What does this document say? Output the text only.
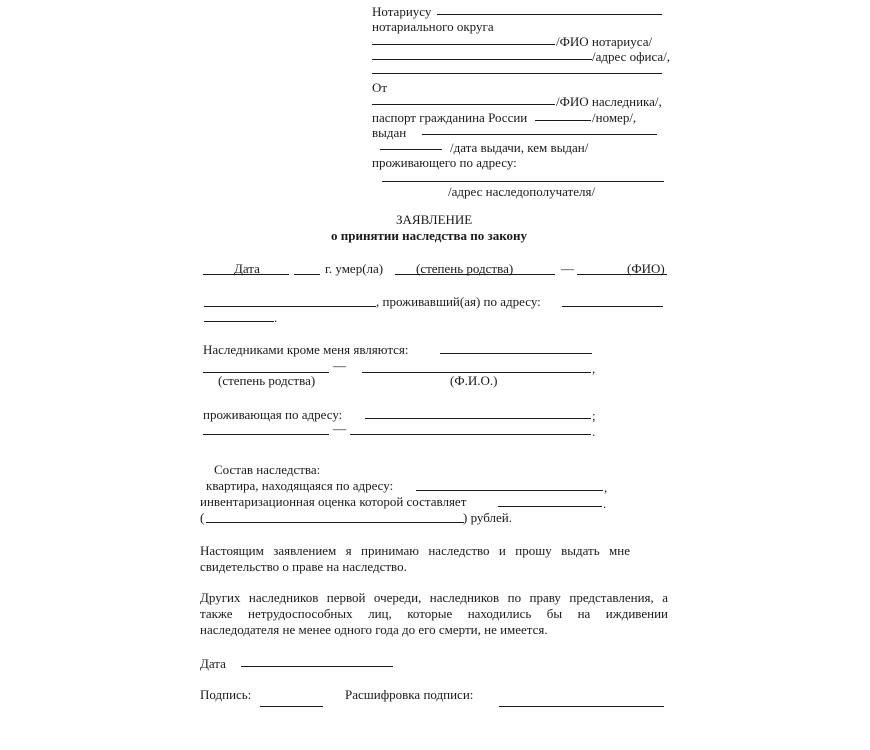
Нотариусу
нотариального округа
/ФИО нотариуса/
/адрес офиса/,
От
/ФИО наследника/,
паспорт гражданина России	/номер/,
выдан
/дата выдачи, кем выдан/
проживающего по адресу:
/адрес наследополучателя/
ЗАЯВЛЕНИЕ
о принятии наследства по закону
Дата	г. умер(ла)	(степень родства)	—	(ФИО)
, проживавший(ая) по адресу:
.
Наследниками кроме меня являются:
—	,
(степень родства)	(Ф.И.О.)
проживающая по адресу:	;
—	.
Состав наследства:
квартира, находящаяся по адресу:	,
инвентаризационная оценка которой составляет	.
(	) рублей.
Настоящим заявлением я принимаю наследство и прошу выдать мне свидетельство о праве на наследство.
Других наследников первой очереди, наследников по праву представления, а
также нетрудоспособных лиц, которые находились бы на иждивении
наследодателя не менее одного года до его смерти, не имеется.
Дата
Подпись:	Расшифровка подписи:
